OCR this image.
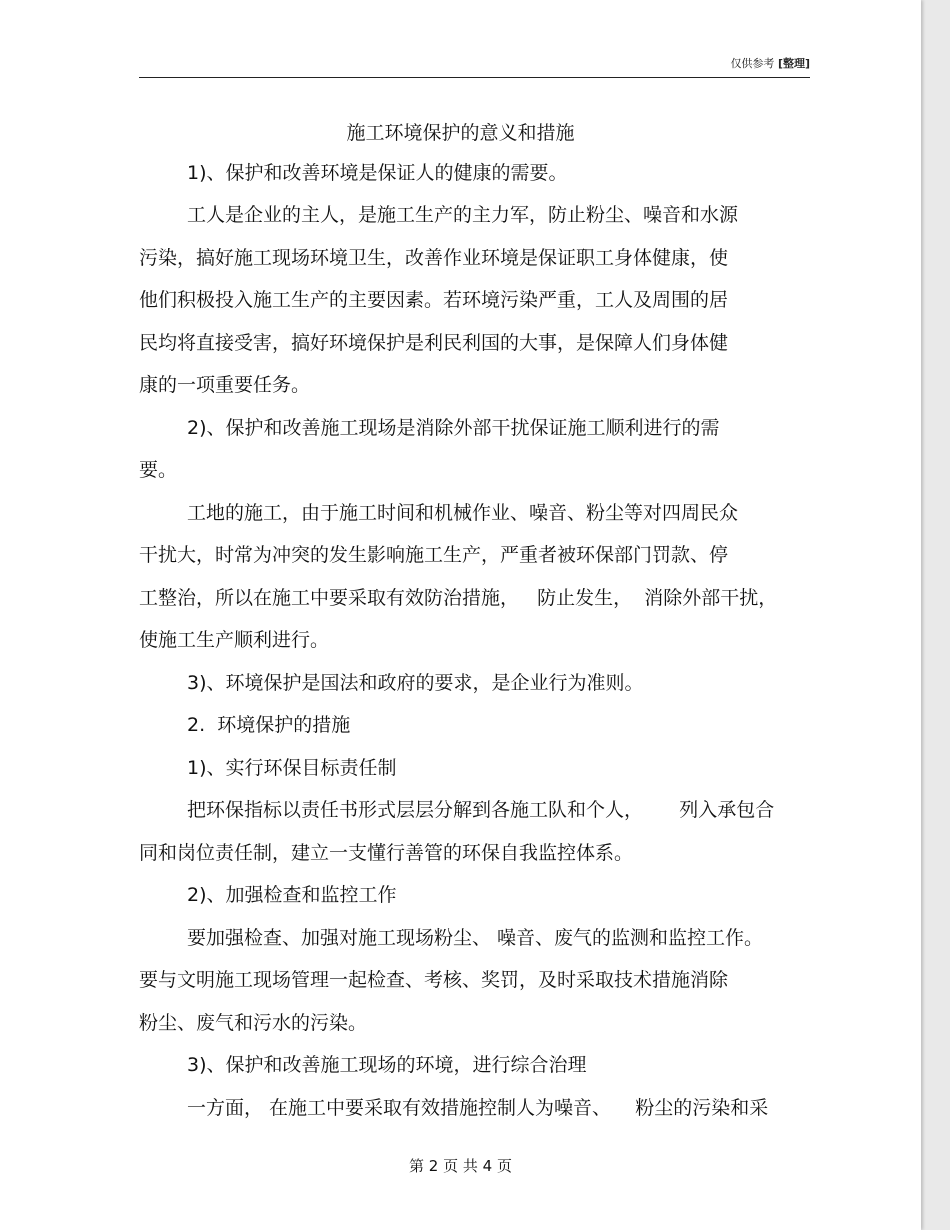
仅供参考 [整理]
施工环境保护的意义和措施
1)、保护和改善环境是保证人的健康的需要。
工人是企业的主人，是施工生产的主力军，防止粉尘、噪音和水源
污染，搞好施工现场环境卫生，改善作业环境是保证职工身体健康，使
他们积极投入施工生产的主要因素。若环境污染严重，工人及周围的居
民均将直接受害，搞好环境保护是利民利国的大事，是保障人们身体健
康的一项重要任务。
2)、保护和改善施工现场是消除外部干扰保证施工顺利进行的需
要。
工地的施工，由于施工时间和机械作业、噪音、粉尘等对四周民众
干扰大，时常为冲突的发生影响施工生产，严重者被环保部门罚款、停
工整治，所以在施工中要采取有效防治措施，   防止发生，  消除外部干扰，
使施工生产顺利进行。
3)、环境保护是国法和政府的要求，是企业行为准则。
2.  环境保护的措施
1)、实行环保目标责任制
把环保指标以责任书形式层层分解到各施工队和个人，      列入承包合
同和岗位责任制，建立一支懂行善管的环保自我监控体系。
2)、加强检查和监控工作
要加强检查、加强对施工现场粉尘、 噪音、废气的监测和监控工作。
要与文明施工现场管理一起检查、考核、奖罚，及时采取技术措施消除
粉尘、废气和污水的污染。
3)、保护和改善施工现场的环境，进行综合治理
一方面， 在施工中要采取有效措施控制人为噪音、    粉尘的污染和采
第 2 页 共 4 页
